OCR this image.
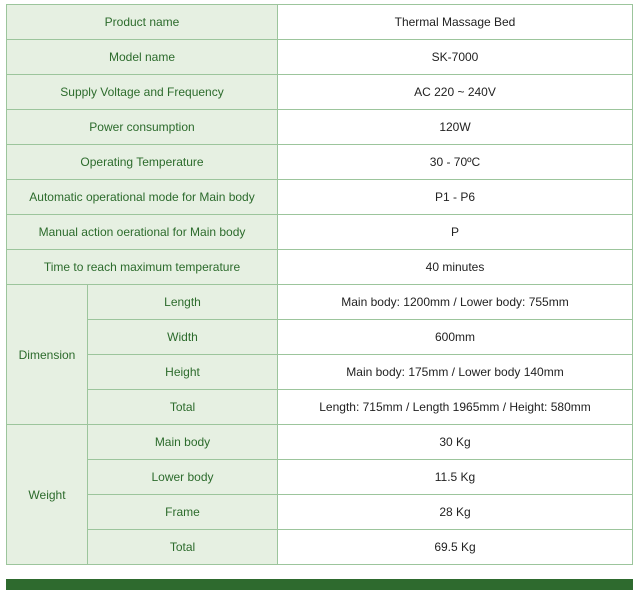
Product name		Thermal Massage Bed
Model name		SK-7000
Supply Voltage and Frequency		AC 220 ~ 240V
Power consumption		120W
Operating Temperature		30 - 70ºC
Automatic operational mode for Main body		P1 - P6
Manual action oerational for Main body		P
Time to reach maximum temperature		40 minutes
Dimension	Length	Main body: 1200mm / Lower body: 755mm
	Width	600mm
	Height	Main body: 175mm / Lower body 140mm
	Total	Length: 715mm / Length 1965mm / Height: 580mm
Weight	Main body	30 Kg
	Lower body	11.5 Kg
	Frame	28 Kg
	Total	69.5 Kg
